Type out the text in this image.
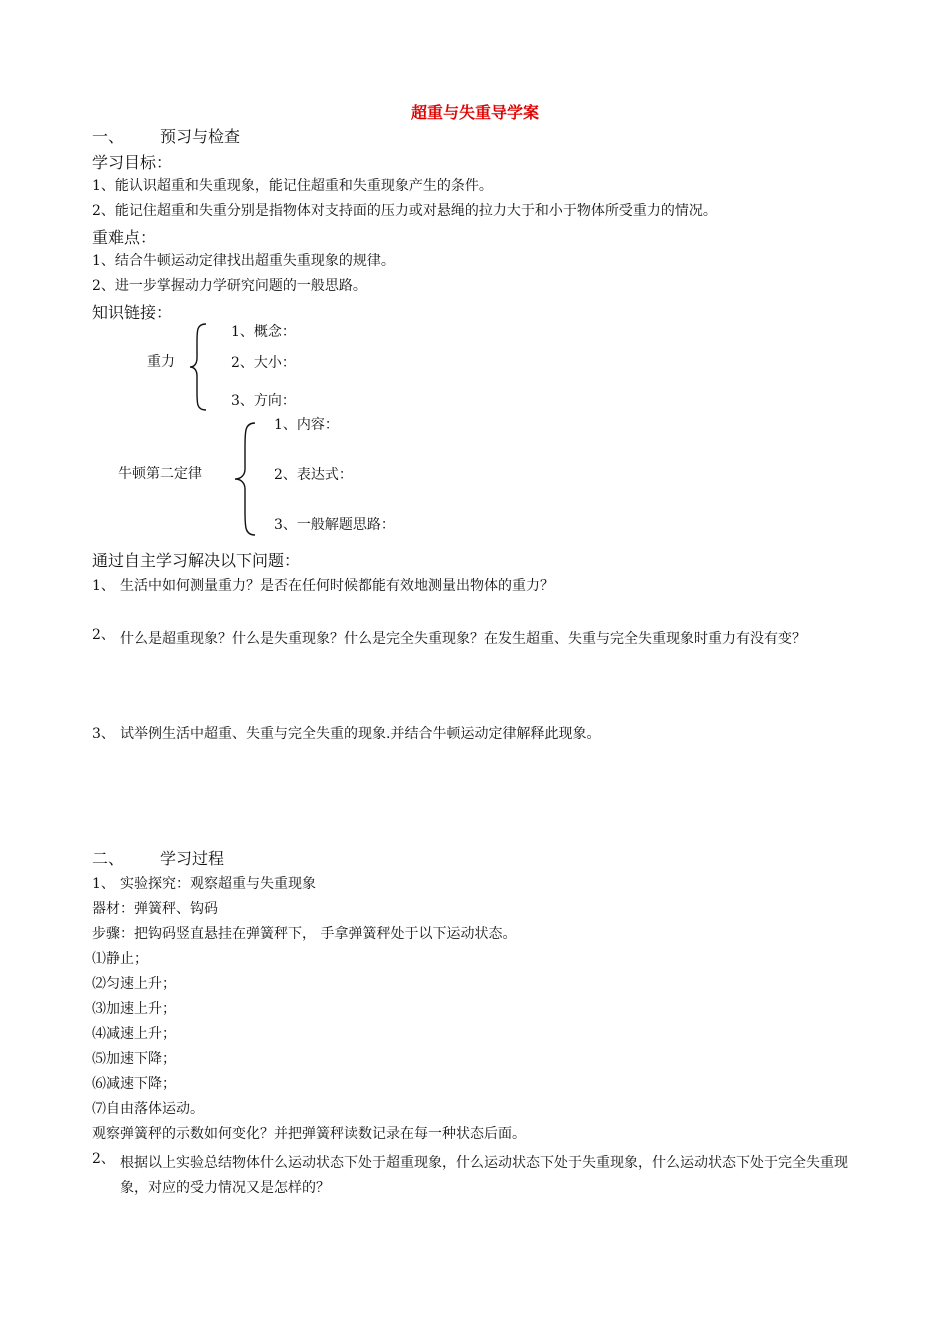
超重与失重导学案
一、 预习与检查
学习目标：
1、能认识超重和失重现象，能记住超重和失重现象产生的条件。
2、能记住超重和失重分别是指物体对支持面的压力或对悬绳的拉力大于和小于物体所受重力的情况。
重难点：
1、结合牛顿运动定律找出超重失重现象的规律。
2、进一步掌握动力学研究问题的一般思路。
知识链接：
重力
1、概念：
2、大小：
3、方向：
牛顿第二定律
1、内容：
2、表达式：
3、一般解题思路：
通过自主学习解决以下问题：
1、 生活中如何测量重力？是否在任何时候都能有效地测量出物体的重力？
2、 什么是超重现象？什么是失重现象？什么是完全失重现象？在发生超重、失重与完全失重现象时重力有没有变？
3、 试举例生活中超重、失重与完全失重的现象.并结合牛顿运动定律解释此现象。
二、 学习过程
1、 实验探究：观察超重与失重现象
器材：弹簧秤、钩码
步骤：把钩码竖直悬挂在弹簧秤下， 手拿弹簧秤处于以下运动状态。
⑴静止；
⑵匀速上升；
⑶加速上升；
⑷减速上升；
⑸加速下降；
⑹减速下降；
⑺自由落体运动。
观察弹簧秤的示数如何变化？并把弹簧秤读数记录在每一种状态后面。
2、 根据以上实验总结物体什么运动状态下处于超重现象，什么运动状态下处于失重现象，什么运动状态下处于完全失重现象，对应的受力情况又是怎样的？
